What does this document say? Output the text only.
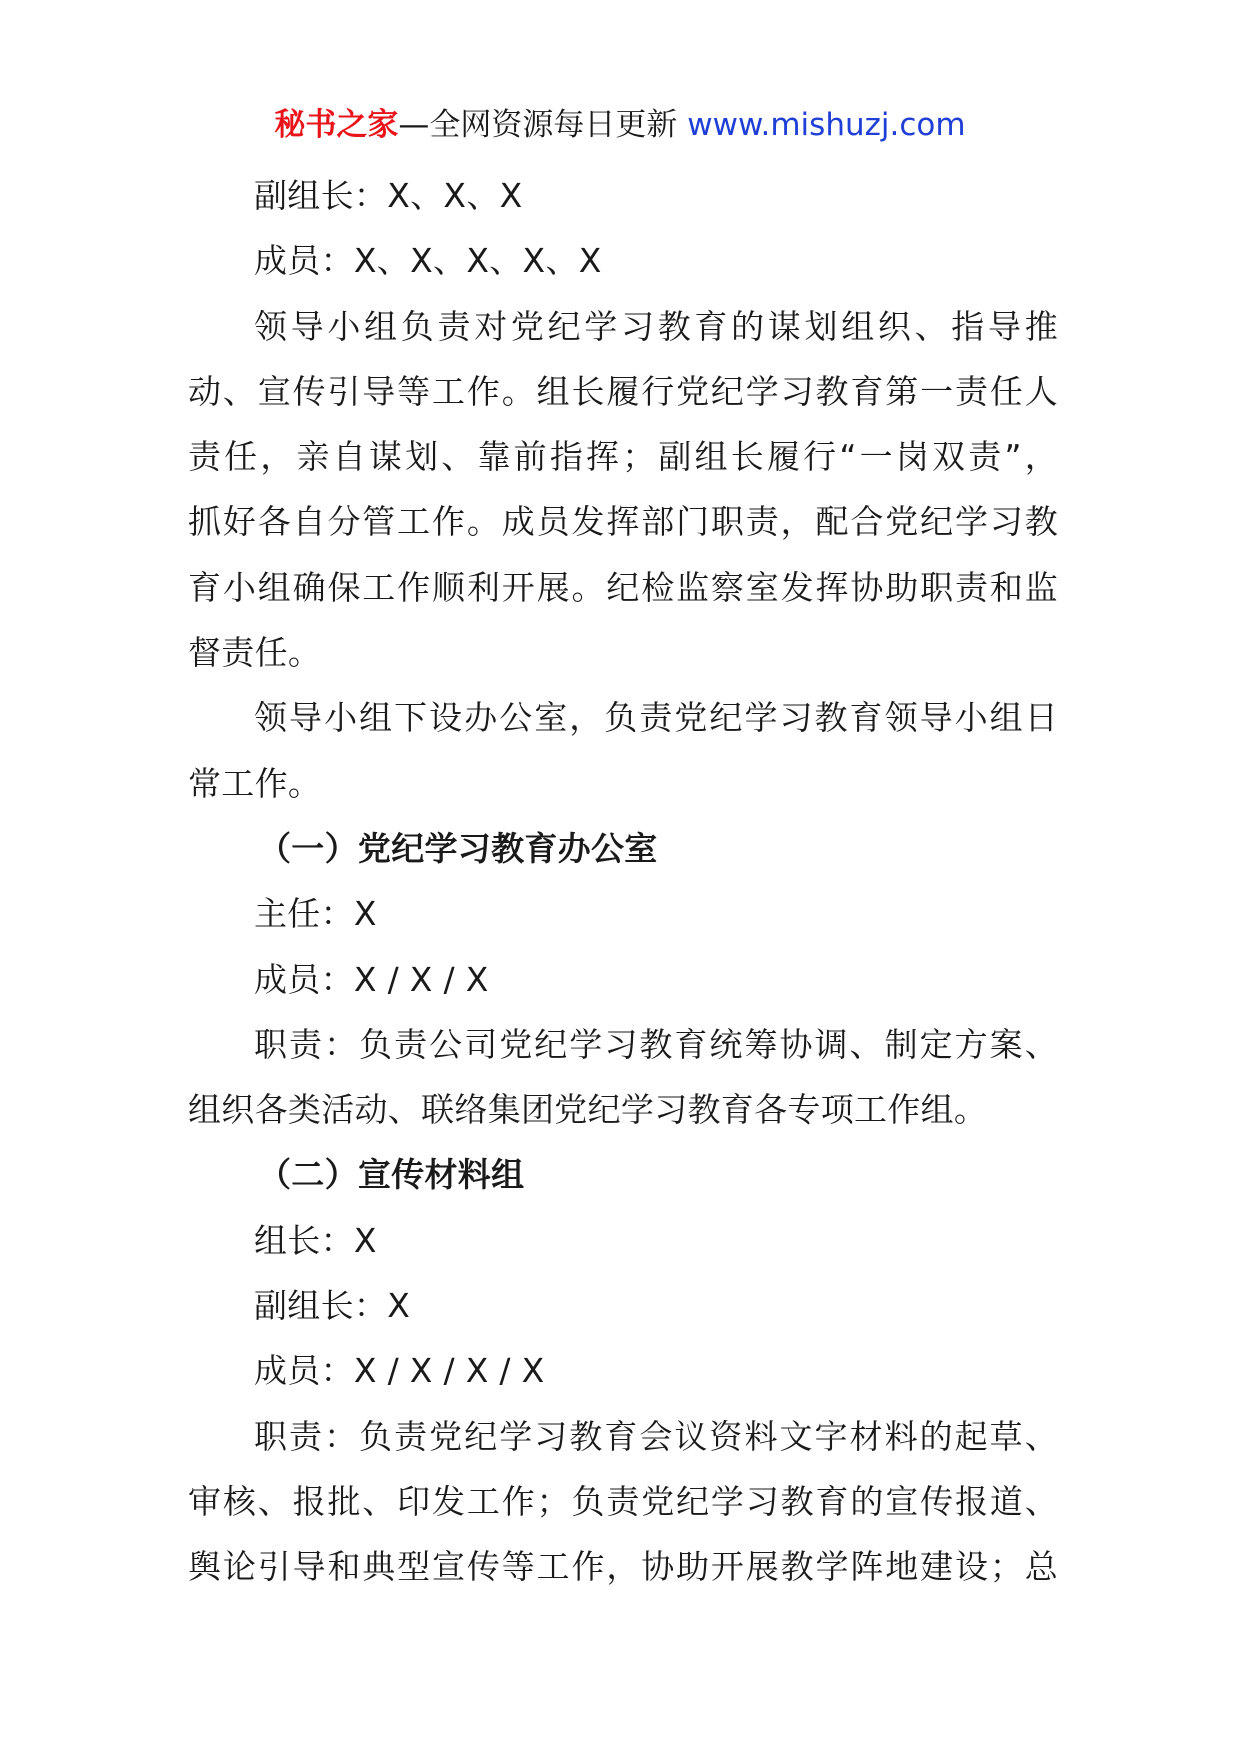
秘书之家—全网资源每日更新 www.mishuzj.com

副组长：X、X、X

成员：X、X、X、X、X

领导小组负责对党纪学习教育的谋划组织、指导推

动、宣传引导等工作。组长履行党纪学习教育第一责任人

责任，亲自谋划、靠前指挥；副组长履行“一岗双责”，

抓好各自分管工作。成员发挥部门职责，配合党纪学习教

育小组确保工作顺利开展。纪检监察室发挥协助职责和监

督责任。

领导小组下设办公室，负责党纪学习教育领导小组日

常工作。

（一）党纪学习教育办公室

主任：X

成员：X / X / X

职责：负责公司党纪学习教育统筹协调、制定方案、

组织各类活动、联络集团党纪学习教育各专项工作组。

（二）宣传材料组

组长：X

副组长：X

成员：X / X / X / X

职责：负责党纪学习教育会议资料文字材料的起草、

审核、报批、印发工作；负责党纪学习教育的宣传报道、

舆论引导和典型宣传等工作，协助开展教学阵地建设；总
